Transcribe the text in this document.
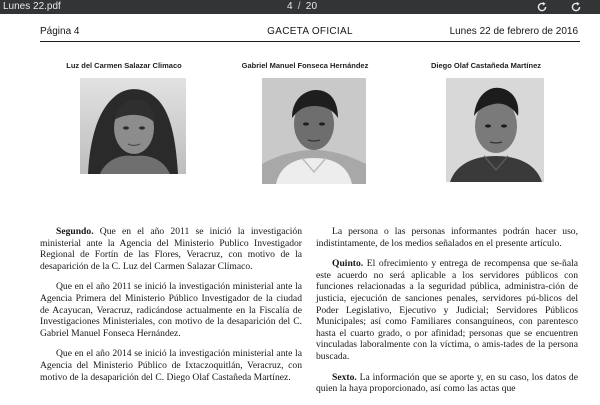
Lunes 22.pdf	4 / 20
Página 4	GACETA OFICIAL	Lunes 22 de febrero de 2016
Luz del Carmen Salazar Climaco	Gabriel Manuel Fonseca Hernández	Diego Olaf Castañeda Martínez

Segundo. Que en el año 2011 se inició la investigación ministerial ante la Agencia del Ministerio Publico Investigador Regional de Fortín de las Flores, Veracruz, con motivo de la desaparición de la C. Luz del Carmen Salazar Clímaco.

Que en el año 2011 se inició la investigación ministerial ante la Agencia Primera del Ministerio Público Investigador de la ciudad de Acayucan, Veracruz, radicándose actualmente en la Fiscalía de Investigaciones Ministeriales, con motivo de la desaparición del C. Gabriel Manuel Fonseca Hernández.

Que en el año 2014 se inició la investigación ministerial ante la Agencia del Ministerio Público de Ixtaczoquitlán, Veracruz, con motivo de la desaparición del C. Diego Olaf Castañeda Martínez.

La persona o las personas informantes podrán hacer uso, indistintamente, de los medios señalados en el presente artículo.

Quinto. El ofrecimiento y entrega de recompensa que se-ñala este acuerdo no será aplicable a los servidores públicos con funciones relacionadas a la seguridad pública, administra-ción de justicia, ejecución de sanciones penales, servidores pú-blicos del Poder Legislativo, Ejecutivo y Judicial; Servidores Públicos Municipales; así como Familiares consanguíneos, con parentesco hasta el cuarto grado, o por afinidad; personas que se encuentren vinculadas laboralmente con la víctima, o amis-tades de la persona buscada.

Sexto. La información que se aporte y, en su caso, los datos de quien la haya proporcionado, así como las actas que
